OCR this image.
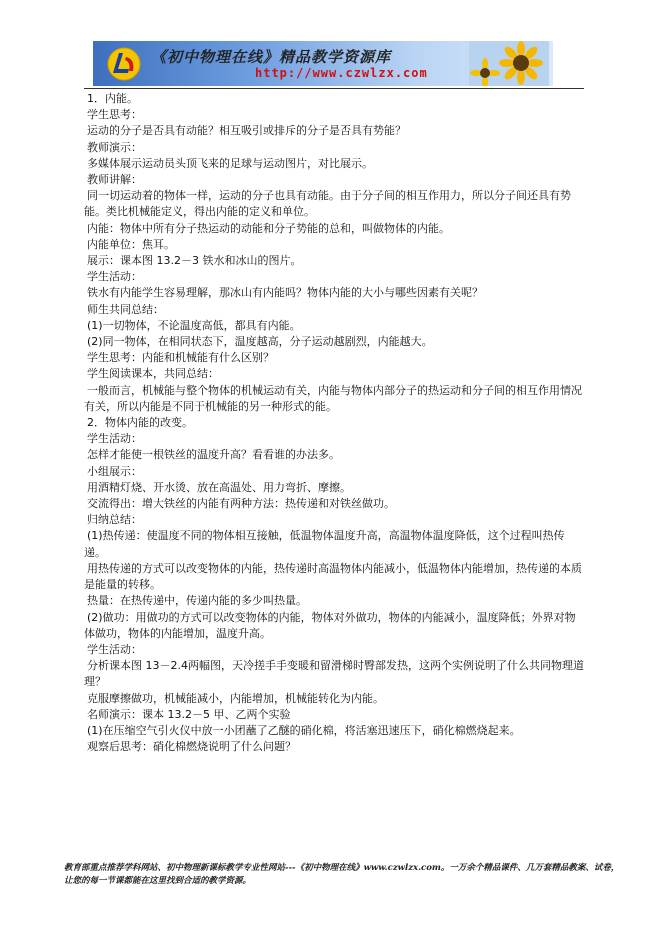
《初中物理在线》精品教学资源库
http://www.czwlzx.com

1．内能。

学生思考：

运动的分子是否具有动能？相互吸引或排斥的分子是否具有势能？

教师演示：

多媒体展示运动员头顶飞来的足球与运动图片，对比展示。

教师讲解：

同一切运动着的物体一样，运动的分子也具有动能。由于分子间的相互作用力，所以分子间还具有势能。类比机械能定义，得出内能的定义和单位。

内能：物体中所有分子热运动的动能和分子势能的总和，叫做物体的内能。

内能单位：焦耳。

展示：课本图 13.2－3 铁水和冰山的图片。

学生活动：

铁水有内能学生容易理解，那冰山有内能吗？物体内能的大小与哪些因素有关呢？

师生共同总结：

(1)一切物体，不论温度高低，都具有内能。

(2)同一物体，在相同状态下，温度越高，分子运动越剧烈，内能越大。

学生思考：内能和机械能有什么区别？

学生阅读课本，共同总结：

一般而言，机械能与整个物体的机械运动有关，内能与物体内部分子的热运动和分子间的相互作用情况有关，所以内能是不同于机械能的另一种形式的能。

2．物体内能的改变。

学生活动：

怎样才能使一根铁丝的温度升高？看看谁的办法多。

小组展示：

用酒精灯烧、开水烫、放在高温处、用力弯折、摩擦。

交流得出：增大铁丝的内能有两种方法：热传递和对铁丝做功。

归纳总结：

(1)热传递：使温度不同的物体相互接触，低温物体温度升高，高温物体温度降低，这个过程叫热传递。

用热传递的方式可以改变物体的内能，热传递时高温物体内能减小，低温物体内能增加，热传递的本质是能量的转移。

热量：在热传递中，传递内能的多少叫热量。

(2)做功：用做功的方式可以改变物体的内能，物体对外做功，物体的内能减小，温度降低；外界对物体做功，物体的内能增加，温度升高。

学生活动：

分析课本图 13－2.4两幅图，天冷搓手手变暖和留滑梯时臀部发热，这两个实例说明了什么共同物理道理？

克服摩擦做功，机械能减小，内能增加，机械能转化为内能。

名师演示：课本 13.2－5 甲、乙两个实验

(1)在压缩空气引火仪中放一小团蘸了乙醚的硝化棉，将活塞迅速压下，硝化棉燃烧起来。

观察后思考：硝化棉燃烧说明了什么问题？

教育部重点推荐学科网站、初中物理新课标教学专业性网站---《初中物理在线》www.czwlzx.com。一万余个精品课件、几万套精品教案、试卷，让您的每一节课都能在这里找到合适的教学资源。
